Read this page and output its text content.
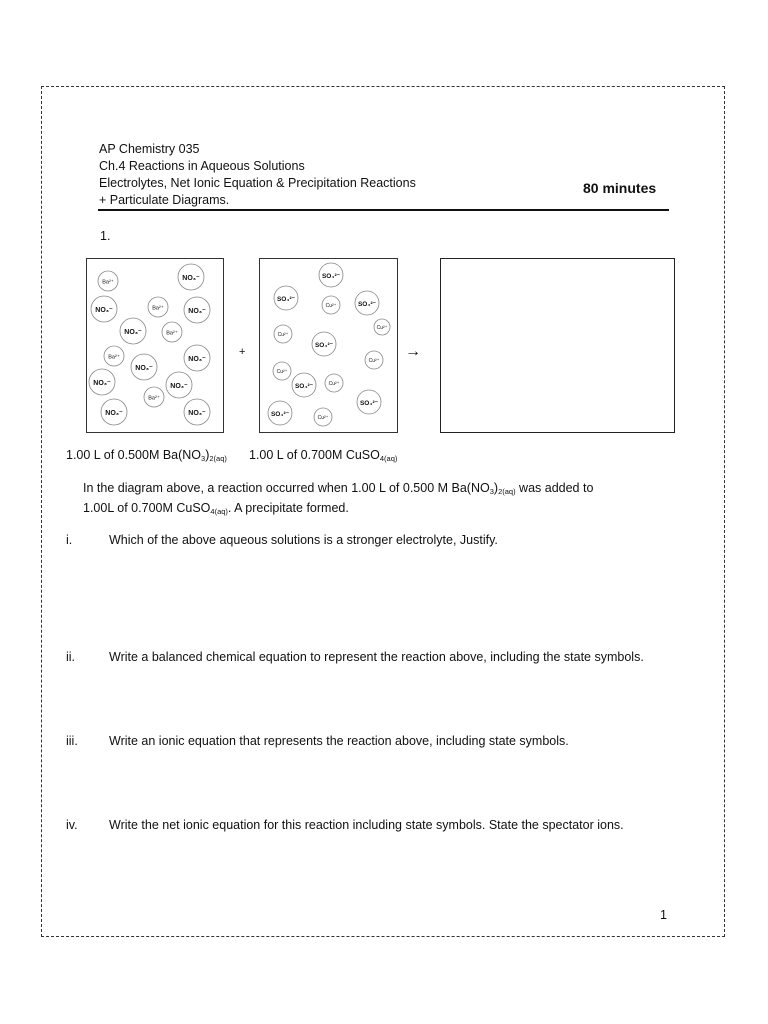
AP Chemistry 035
Ch.4 Reactions in Aqueous Solutions
Electrolytes, Net Ionic Equation & Precipitation Reactions
+ Particulate Diagrams.
80 minutes
1.
Ba²⁺
NO₃⁻
NO₃⁻	Ba²⁺	NO₃⁻
NO₃⁻	Ba²⁺
Ba²⁺
NO₃⁻
NO₃⁻
NO₃⁻	NO₃⁻
Ba²⁺
NO₃⁻	NO₃⁻
+
SO₄²⁻
SO₄²⁻
Cu²⁺	SO₄²⁻
Cu²⁺
Cu²⁺
SO₄²⁻
Cu²⁺
Cu²⁺
SO₄²⁻	Cu²⁺
SO₄²⁻
SO₄²⁻	Cu²⁺
→
1.00 L of 0.500M $Ba(NO_3)_{2(aq)}$ 1.00 L of 0.700M CuSO$_{4(aq)}$
In the diagram above, a reaction occurred when 1.00 L of 0.500 M $Ba(NO_3)_{2(aq)}$ was added to
1.00L of 0.700M CuSO$_{4(aq)}$. A precipitate formed.
i.	Which of the above aqueous solutions is a stronger electrolyte, Justify.
ii.	Write a balanced chemical equation to represent the reaction above, including the state symbols.
iii. Write an ionic equation that represents the reaction above, including state symbols.
iv.	Write the net ionic equation for this reaction including state symbols. State the spectator ions.
1
